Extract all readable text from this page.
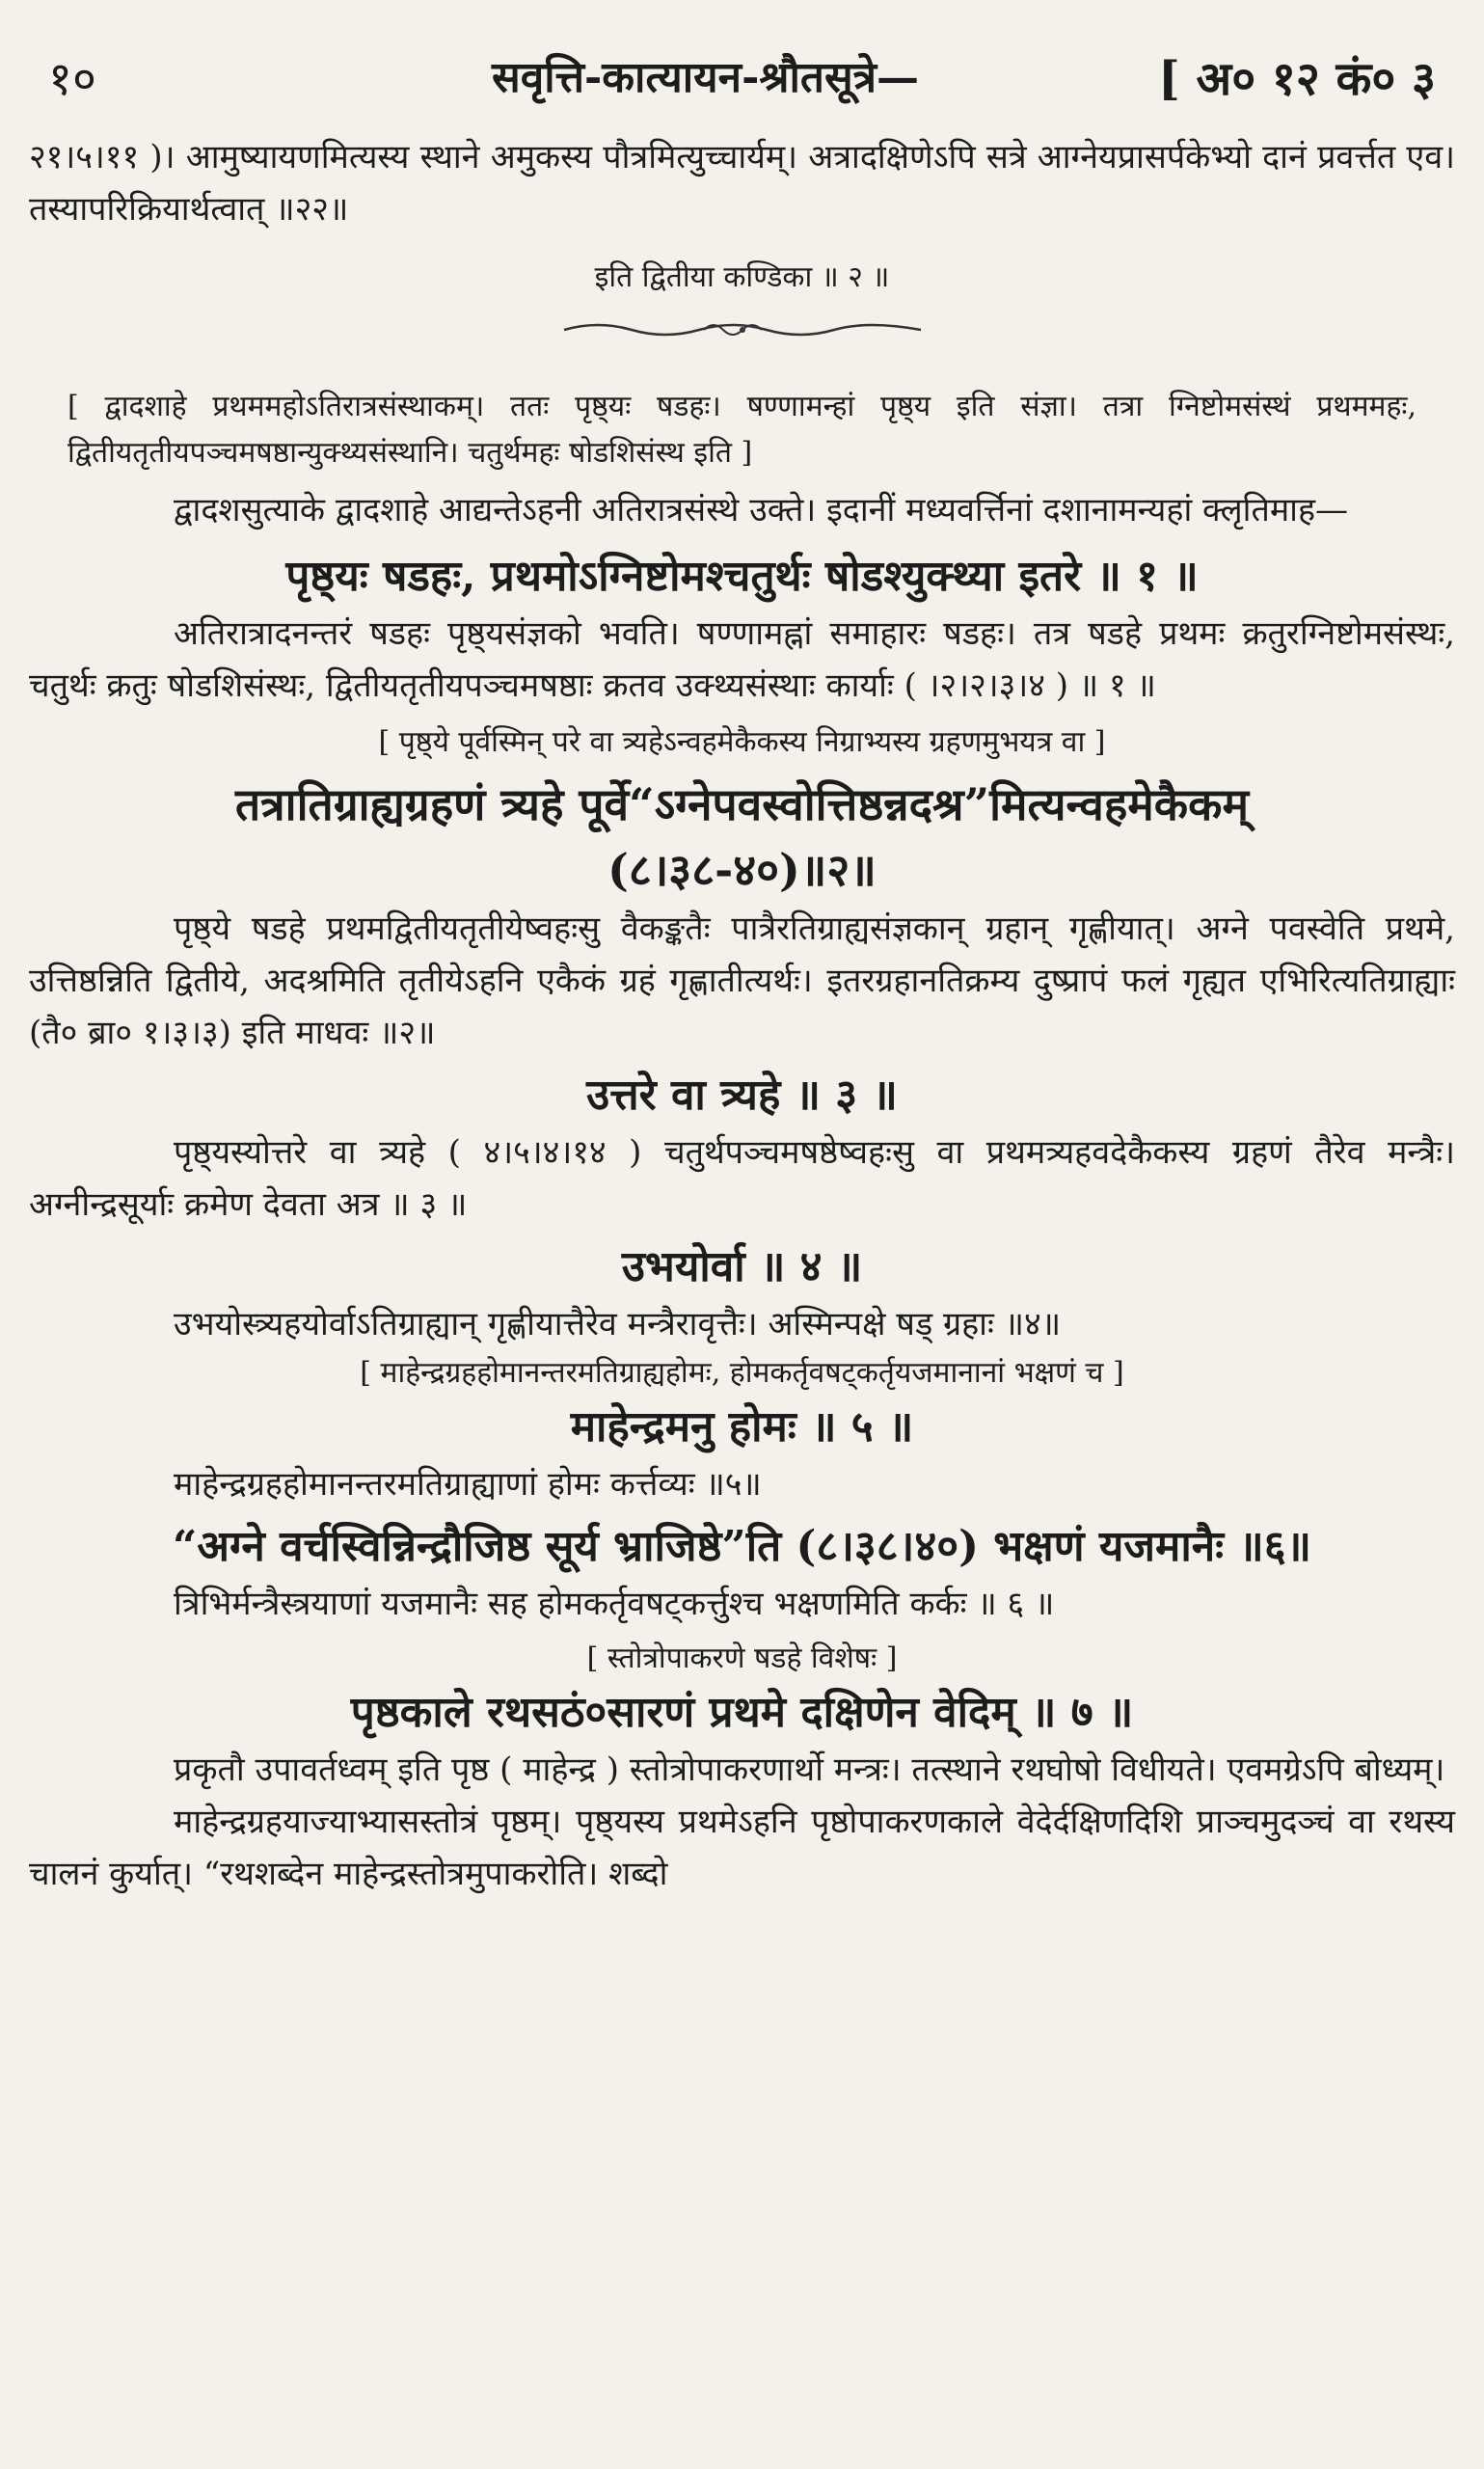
१०	सवृत्ति-कात्यायन-श्रौतसूत्रे—	[ अ० १२ कं० ३

२१।५।११ )। आमुष्यायणमित्यस्य स्थाने अमुकस्य पौत्रमित्युच्चार्यम्। अत्रादक्षिणेऽपि सत्रे आग्नेयप्रासर्पकेभ्यो दानं प्रवर्त्तत एव। तस्यापरिक्रियार्थत्वात् ॥२२॥

इति द्वितीया कण्डिका ॥ २ ॥

[ द्वादशाहे प्रथममहोऽतिरात्रसंस्थाकम्। ततः पृष्ठ्यः षडहः। षण्णामन्हां पृष्ठ्य इति संज्ञा। तत्रा ग्निष्टोमसंस्थं प्रथममहः, द्वितीयतृतीयपञ्चमषष्ठान्युक्थ्यसंस्थानि। चतुर्थमहः षोडशिसंस्थ इति ]

द्वादशसुत्याके द्वादशाहे आद्यन्तेऽहनी अतिरात्रसंस्थे उक्ते। इदानीं मध्यवर्त्तिनां दशानामन्यहां क्लृतिमाह—

पृष्ठ्यः षडहः, प्रथमोऽग्निष्टोमश्चतुर्थः षोडश्युक्थ्या इतरे ॥ १ ॥

अतिरात्रादनन्तरं षडहः पृष्ठ्यसंज्ञको भवति। षण्णामह्नां समाहारः षडहः। तत्र षडहे प्रथमः क्रतुरग्निष्टोमसंस्थः, चतुर्थः क्रतुः षोडशिसंस्थः, द्वितीयतृतीयपञ्चमषष्ठाः क्रतव उक्थ्यसंस्थाः कार्याः ( ।२।२।३।४ ) ॥ १ ॥

[ पृष्ठ्ये पूर्वस्मिन् परे वा त्र्यहेऽन्वहमेकैकस्य निग्राभ्यस्य ग्रहणमुभयत्र वा ]

तत्रातिग्राह्यग्रहणं त्र्यहे पूर्वे“ऽग्नेपवस्वोत्तिष्ठन्नदश्र”मित्यन्वहमेकैकम्

(८।३८-४०)॥२॥

पृष्ठ्ये षडहे प्रथमद्वितीयतृतीयेष्वहःसु वैकङ्कतैः पात्रैरतिग्राह्यसंज्ञकान् ग्रहान् गृह्णीयात्। अग्ने पवस्वेति प्रथमे, उत्तिष्ठन्निति द्वितीये, अदश्रमिति तृतीयेऽहनि एकैकं ग्रहं गृह्णातीत्यर्थः। इतरग्रहानतिक्रम्य दुष्प्रापं फलं गृह्यत एभिरित्यतिग्राह्याः (तै० ब्रा० १।३।३) इति माधवः ॥२॥

उत्तरे वा त्र्यहे ॥ ३ ॥

पृष्ठ्यस्योत्तरे वा त्र्यहे ( ४।५।४।१४ ) चतुर्थपञ्चमषष्ठेष्वहःसु वा प्रथमत्र्यहवदेकैकस्य ग्रहणं तैरेव मन्त्रैः। अग्नीन्द्रसूर्याः क्रमेण देवता अत्र ॥ ३ ॥

उभयोर्वा ॥ ४ ॥

उभयोस्त्र्यहयोर्वाऽतिग्राह्यान् गृह्णीयात्तैरेव मन्त्रैरावृत्तैः। अस्मिन्पक्षे षड् ग्रहाः ॥४॥

[ माहेन्द्रग्रहहोमानन्तरमतिग्राह्यहोमः, होमकर्तृवषट्कर्तृयजमानानां भक्षणं च ]

माहेन्द्रमनु होमः ॥ ५ ॥

माहेन्द्रग्रहहोमानन्तरमतिग्राह्याणां होमः कर्त्तव्यः ॥५॥

“अग्ने वर्चस्विन्निन्द्रौजिष्ठ सूर्य भ्राजिष्ठे”ति (८।३८।४०) भक्षणं यजमानैः ॥६॥

त्रिभिर्मन्त्रैस्त्रयाणां यजमानैः सह होमकर्तृवषट्कर्त्तुश्च भक्षणमिति कर्कः ॥ ६ ॥

[ स्तोत्रोपाकरणे षडहे विशेषः ]

पृष्ठकाले रथसठं०सारणं प्रथमे दक्षिणेन वेदिम् ॥ ७ ॥

प्रकृतौ उपावर्तध्वम् इति पृष्ठ ( माहेन्द्र ) स्तोत्रोपाकरणार्थो मन्त्रः। तत्स्थाने रथघोषो विधीयते। एवमग्रेऽपि बोध्यम्।

माहेन्द्रग्रहयाज्याभ्यासस्तोत्रं पृष्ठम्। पृष्ठ्यस्य प्रथमेऽहनि पृष्ठोपाकरणकाले वेदेर्दक्षिणदिशि प्राञ्चमुदञ्चं वा रथस्य चालनं कुर्यात्। “रथशब्देन माहेन्द्रस्तोत्रमुपाकरोति। शब्दो
